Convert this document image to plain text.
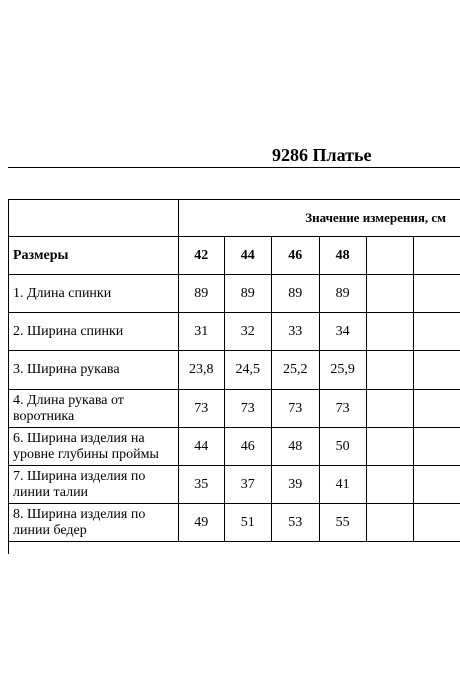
9286 Платье
	Значение измерения, см					
Размеры	42	44	46	48		
1. Длина спинки	89	89	89	89		
2. Ширина спинки	31	32	33	34		
3. Ширина рукава	23,8	24,5	25,2	25,9		
4. Длина рукава от воротника	73	73	73	73		
6. Ширина изделия на уровне глубины проймы	44	46	48	50		
7. Ширина изделия по линии талии	35	37	39	41		
8. Ширина изделия по линии бедер	49	51	53	55		
